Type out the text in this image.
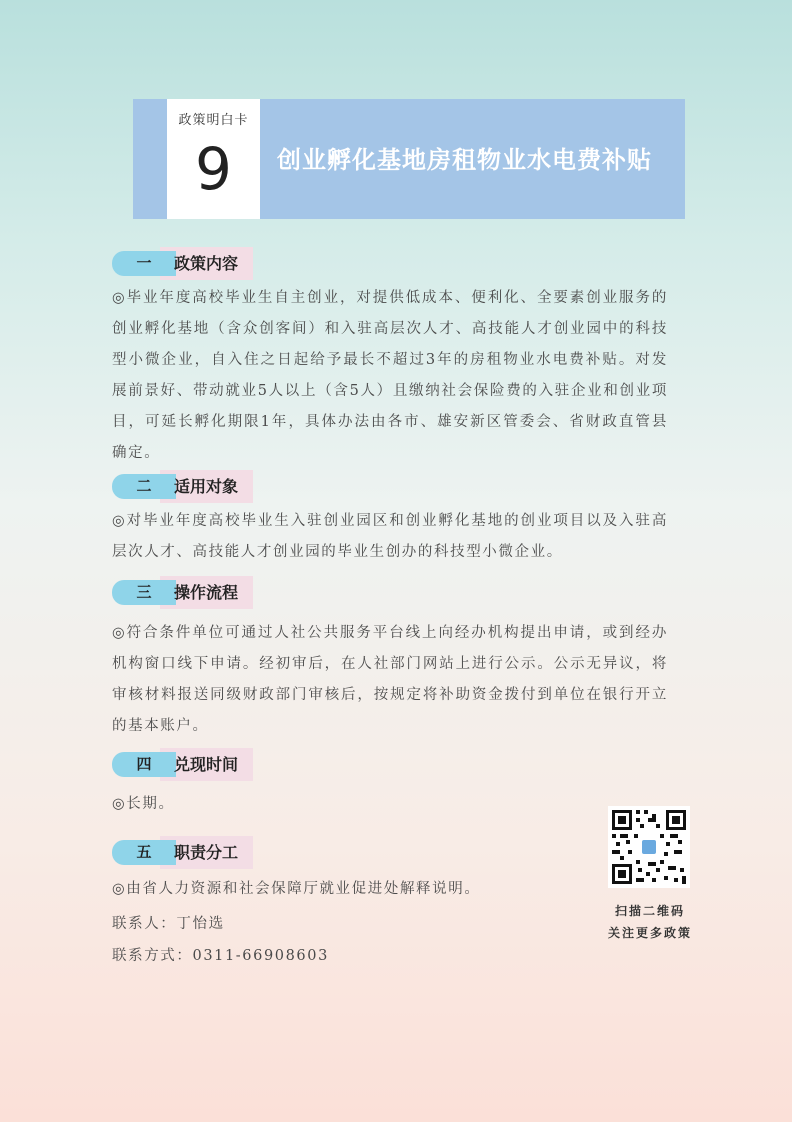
政策明白卡
9	创业孵化基地房租物业水电费补贴
一	政策内容
◎毕业年度高校毕业生自主创业，对提供低成本、便利化、全要素创业服务的创业孵化基地（含众创客间）和入驻高层次人才、高技能人才创业园中的科技型小微企业，自入住之日起给予最长不超过3年的房租物业水电费补贴。对发展前景好、带动就业5人以上（含5人）且缴纳社会保险费的入驻企业和创业项目，可延长孵化期限1年，具体办法由各市、雄安新区管委会、省财政直管县确定。
二	适用对象
◎对毕业年度高校毕业生入驻创业园区和创业孵化基地的创业项目以及入驻高层次人才、高技能人才创业园的毕业生创办的科技型小微企业。
三	操作流程
◎符合条件单位可通过人社公共服务平台线上向经办机构提出申请，或到经办机构窗口线下申请。经初审后，在人社部门网站上进行公示。公示无异议，将审核材料报送同级财政部门审核后，按规定将补助资金拨付到单位在银行开立的基本账户。
四	兑现时间
◎长期。
五	职责分工
◎由省人力资源和社会保障厅就业促进处解释说明。
联系人：丁怡选
联系方式：0311-66908603
扫描二维码
关注更多政策
